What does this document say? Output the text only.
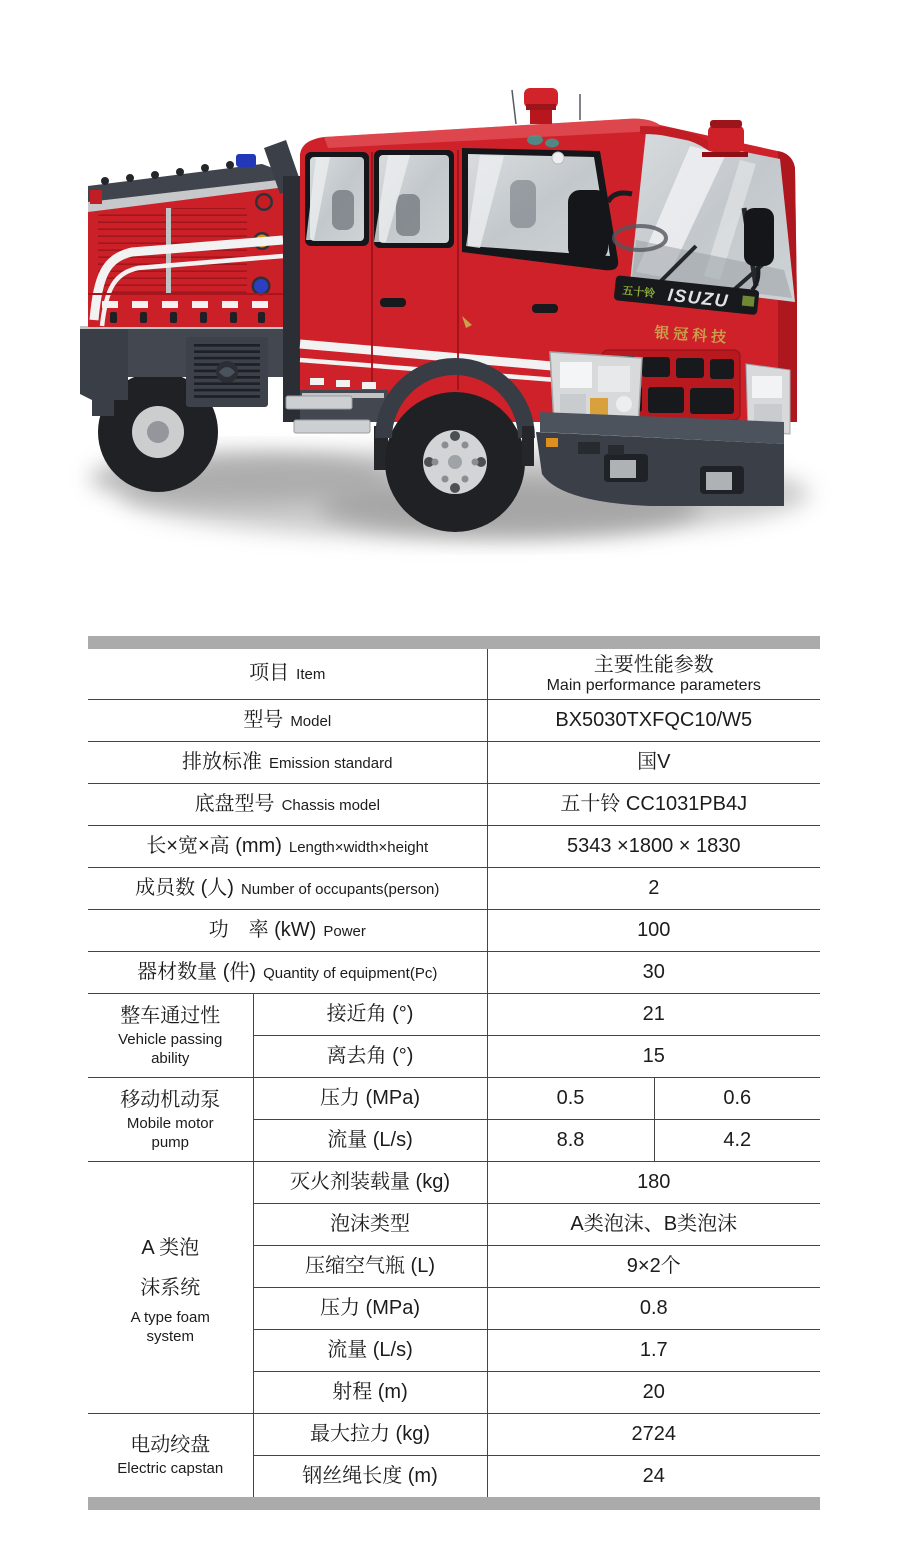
五十铃 ISUZU
银冠科技
项目 Item		主要性能参数
Main performance parameters	

型号 Model		BX5030TXFQC10/W5	
排放标准 Emission standard		国V	
底盘型号 Chassis model		五十铃 CC1031PB4J	
长×宽×高 (mm) Length×width×height		5343 ×1800 × 1830	
成员数 (人) Number of occupants(person)		2	
功　率 (kW) Power		100	
器材数量 (件) Quantity of equipment(Pc)		30	

整车通过性
Vehicle passing
ability	接近角 (°)	21	
	离去角 (°)	15	

移动机动泵
Mobile motor
pump	压力 (MPa)	0.5	0.6
	流量 (L/s)	8.8	4.2

A 类泡
沫系统
A type foam
system	灭火剂装载量 (kg)	180	
	泡沫类型	A类泡沫、B类泡沫	
	压缩空气瓶 (L)	9×2个	
	压力 (MPa)	0.8	
	流量 (L/s)	1.7	
	射程 (m)	20	

电动绞盘
Electric capstan	最大拉力 (kg)	2724	
	钢丝绳长度 (m)	24	
